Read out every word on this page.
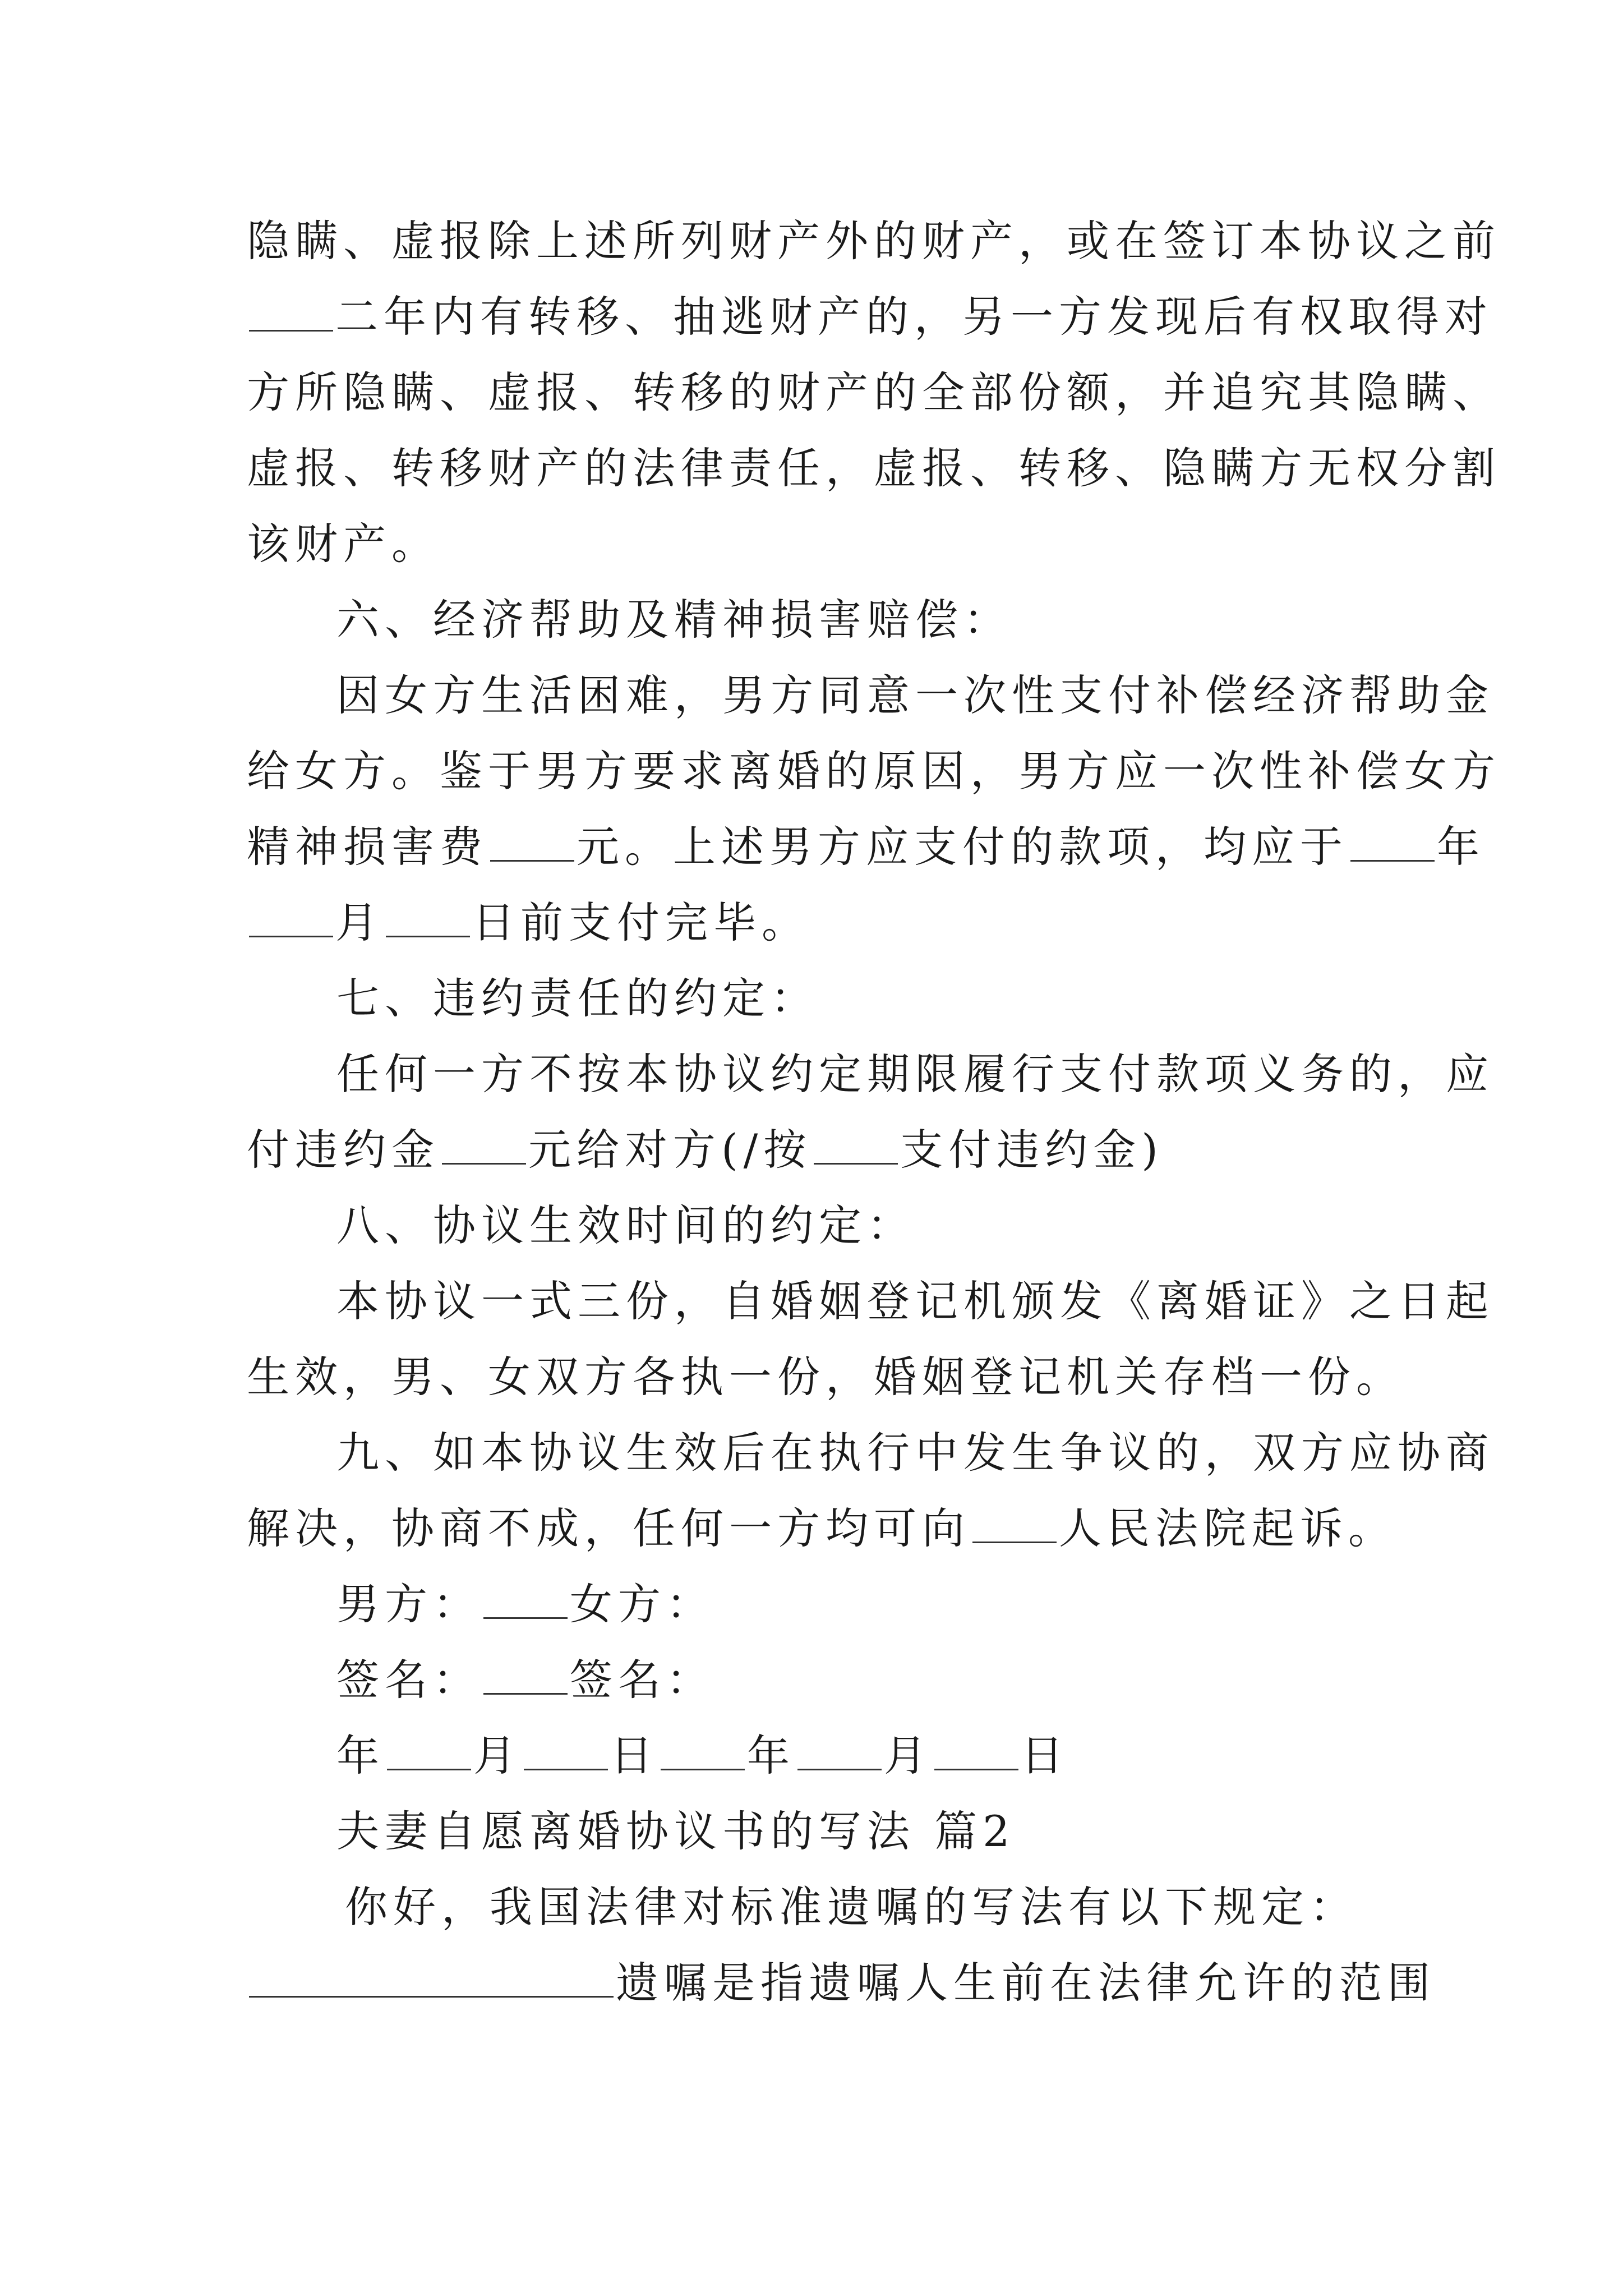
隐瞒、虚报除上述所列财产外的财产，或在签订本协议之前
二年内有转移、抽逃财产的，另一方发现后有权取得对
方所隐瞒、虚报、转移的财产的全部份额，并追究其隐瞒、
虚报、转移财产的法律责任，虚报、转移、隐瞒方无权分割
该财产。
六、经济帮助及精神损害赔偿：
因女方生活困难，男方同意一次性支付补偿经济帮助金
给女方。鉴于男方要求离婚的原因，男方应一次性补偿女方
精神损害费 元。上述男方应支付的款项，均应于 年
月 日前支付完毕。
七、违约责任的约定：
任何一方不按本协议约定期限履行支付款项义务的，应
付违约金 元给对方(/按 支付违约金)
八、协议生效时间的约定：
本协议一式三份，自婚姻登记机颁发《离婚证》之日起
生效，男、女双方各执一份，婚姻登记机关存档一份。
九、如本协议生效后在执行中发生争议的，双方应协商
解决，协商不成，任何一方均可向 人民法院起诉。
男方： 女方：
签名： 签名：
年 月 日 年 月 日
夫妻自愿离婚协议书的写法 篇2
你好，我国法律对标准遗嘱的写法有以下规定：
遗嘱是指遗嘱人生前在法律允许的范围
